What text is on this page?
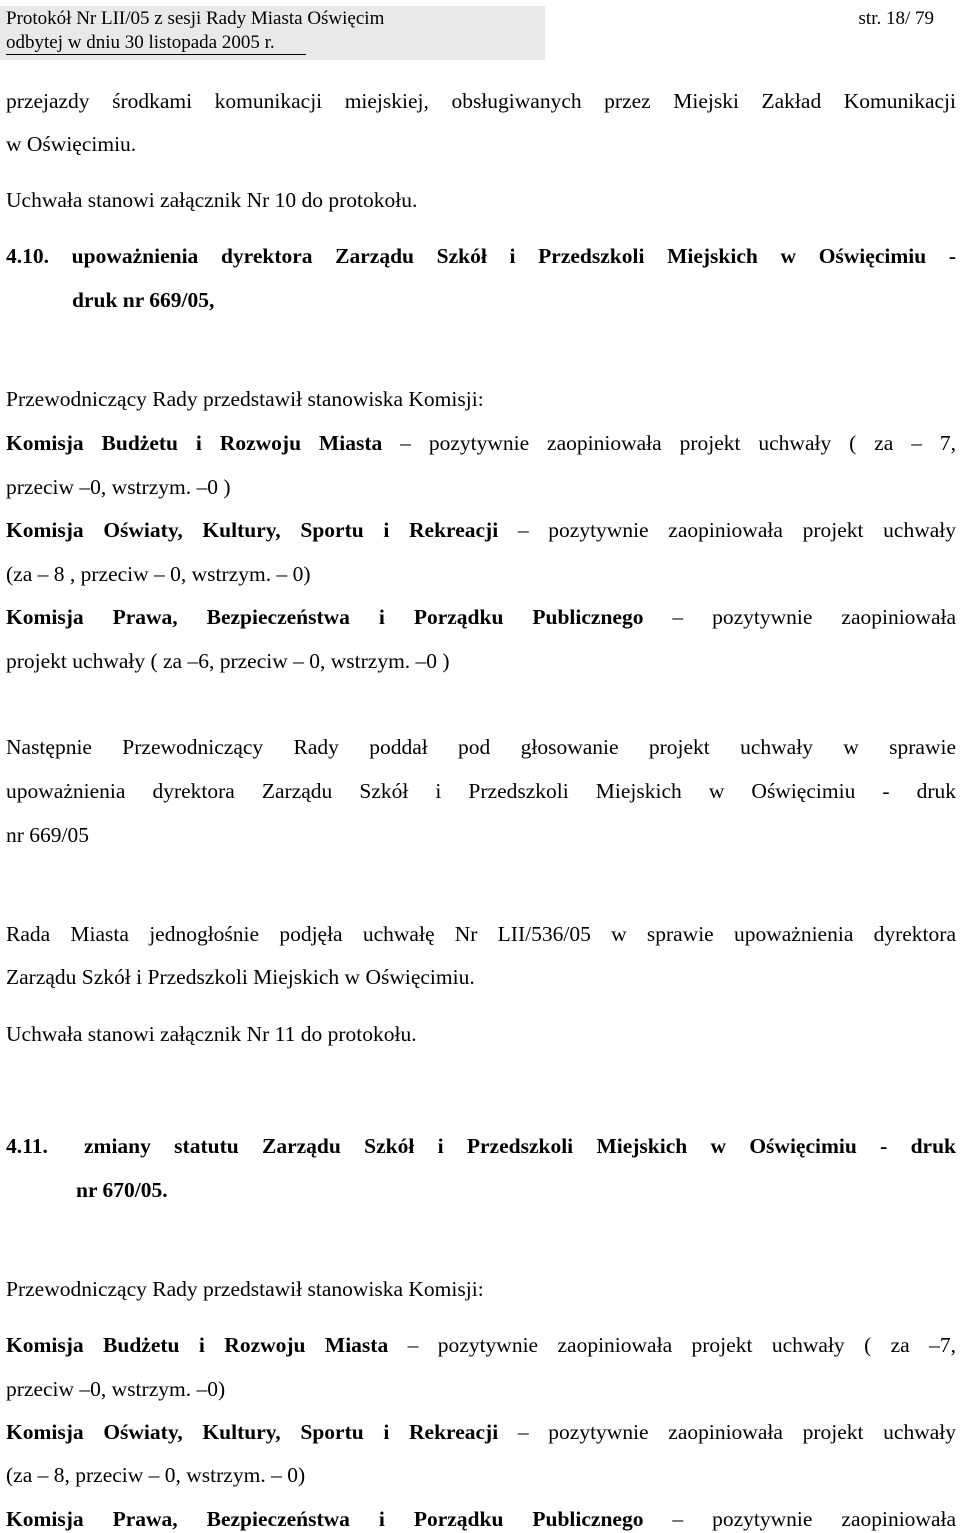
Protokół Nr LII/05 z sesji Rady Miasta Oświęcim	str. 18/ 79
odbytej w dniu 30 listopada 2005 r.
przejazdy środkami komunikacji miejskiej, obsługiwanych przez Miejski Zakład Komunikacji
w Oświęcimiu.
Uchwała stanowi załącznik Nr 10 do protokołu.
4.10. upoważnienia dyrektora Zarządu Szkół i Przedszkoli Miejskich w Oświęcimiu -
druk nr 669/05,
Przewodniczący Rady przedstawił stanowiska Komisji:
Komisja Budżetu i Rozwoju Miasta – pozytywnie zaopiniowała projekt uchwały ( za – 7,
przeciw –0, wstrzym. –0 )
Komisja Oświaty, Kultury, Sportu i Rekreacji – pozytywnie zaopiniowała projekt uchwały
(za – 8 , przeciw – 0, wstrzym. – 0)
Komisja Prawa, Bezpieczeństwa i Porządku Publicznego – pozytywnie zaopiniowała
projekt uchwały ( za –6, przeciw – 0, wstrzym. –0 )
Następnie Przewodniczący Rady poddał pod głosowanie projekt uchwały w sprawie
upoważnienia dyrektora Zarządu Szkół i Przedszkoli Miejskich w Oświęcimiu - druk
nr 669/05
Rada Miasta jednogłośnie podjęła uchwałę Nr LII/536/05 w sprawie upoważnienia dyrektora
Zarządu Szkół i Przedszkoli Miejskich w Oświęcimiu.
Uchwała stanowi załącznik Nr 11 do protokołu.
4.11. zmiany statutu Zarządu Szkół i Przedszkoli Miejskich w Oświęcimiu - druk
nr 670/05.
Przewodniczący Rady przedstawił stanowiska Komisji:
Komisja Budżetu i Rozwoju Miasta – pozytywnie zaopiniowała projekt uchwały ( za –7,
przeciw –0, wstrzym. –0)
Komisja Oświaty, Kultury, Sportu i Rekreacji – pozytywnie zaopiniowała projekt uchwały
(za – 8, przeciw – 0, wstrzym. – 0)
Komisja Prawa, Bezpieczeństwa i Porządku Publicznego – pozytywnie zaopiniowała
